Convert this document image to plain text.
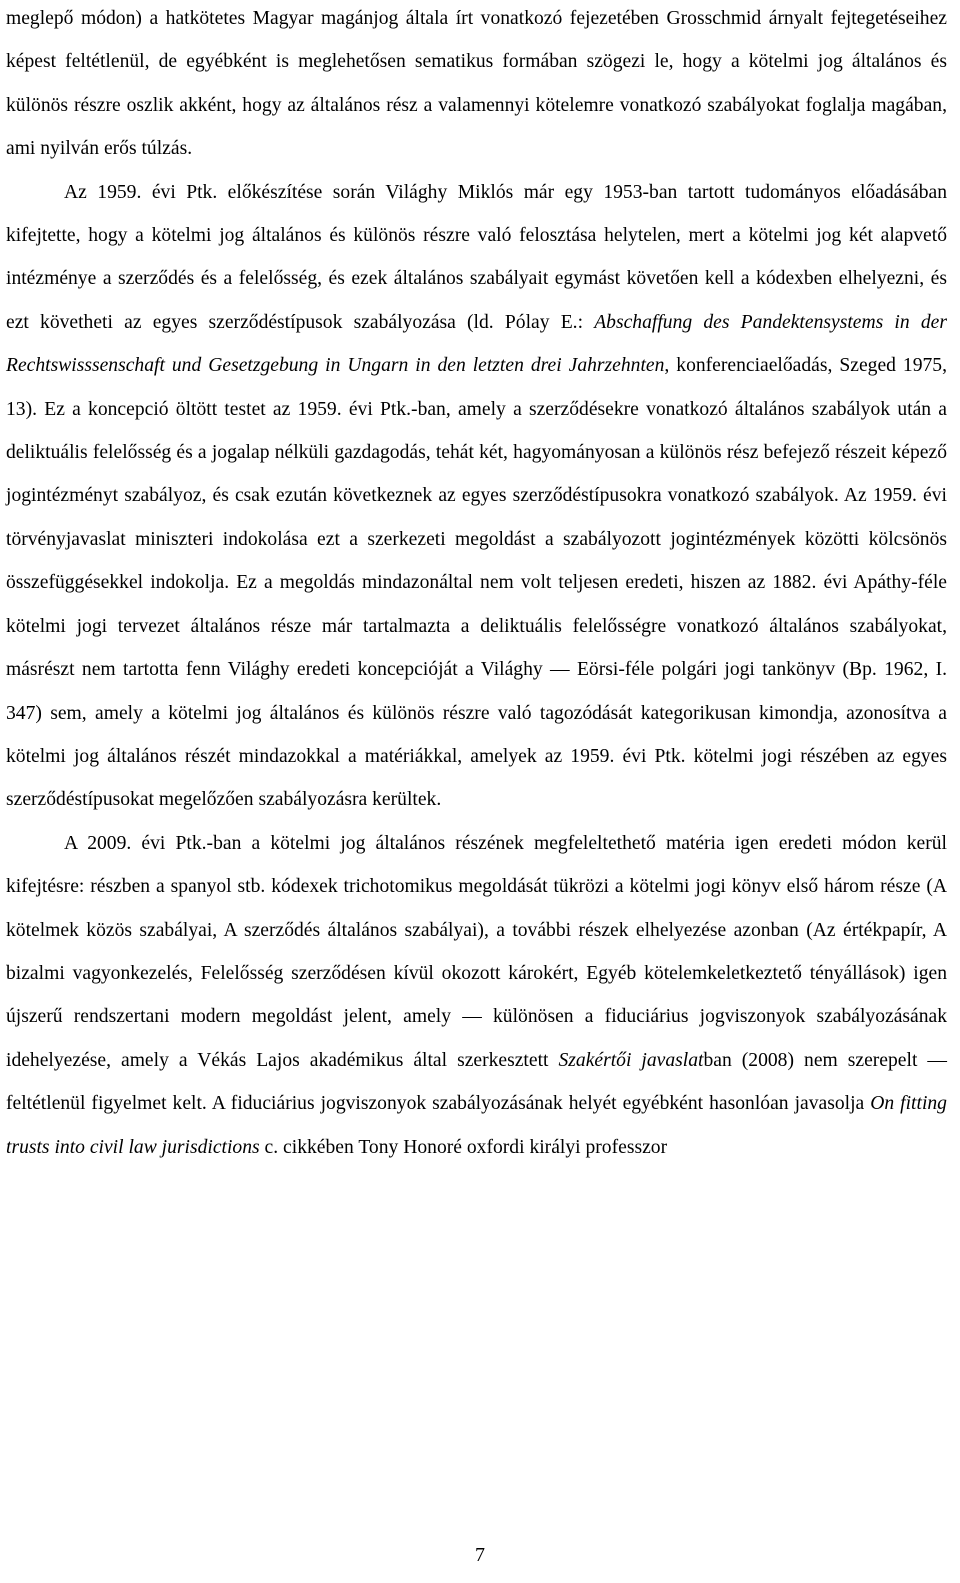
meglepő módon) a hatkötetes Magyar magánjog általa írt vonatkozó fejezetében Grosschmid árnyalt fejtegetéseihez képest feltétlenül, de egyébként is meglehetősen sematikus formában szögezi le, hogy a kötelmi jog általános és különös részre oszlik akként, hogy az általános rész a valamennyi kötelemre vonatkozó szabályokat foglalja magában, ami nyilván erős túlzás.

Az 1959. évi Ptk. előkészítése során Világhy Miklós már egy 1953-ban tartott tudományos előadásában kifejtette, hogy a kötelmi jog általános és különös részre való felosztása helytelen, mert a kötelmi jog két alapvető intézménye a szerződés és a felelősség, és ezek általános szabályait egymást követően kell a kódexben elhelyezni, és ezt követheti az egyes szerződéstípusok szabályozása (ld. Pólay E.: Abschaffung des Pandektensystems in der Rechtswisssenschaft und Gesetzgebung in Ungarn in den letzten drei Jahrzehnten, konferenciaelőadás, Szeged 1975, 13). Ez a koncepció öltött testet az 1959. évi Ptk.-ban, amely a szerződésekre vonatkozó általános szabályok után a deliktuális felelősség és a jogalap nélküli gazdagodás, tehát két, hagyományosan a különös rész befejező részeit képező jogintézményt szabályoz, és csak ezután következnek az egyes szerződéstípusokra vonatkozó szabályok. Az 1959. évi törvényjavaslat miniszteri indokolása ezt a szerkezeti megoldást a szabályozott jogintézmények közötti kölcsönös összefüggésekkel indokolja. Ez a megoldás mindazonáltal nem volt teljesen eredeti, hiszen az 1882. évi Apáthy-féle kötelmi jogi tervezet általános része már tartalmazta a deliktuális felelősségre vonatkozó általános szabályokat, másrészt nem tartotta fenn Világhy eredeti koncepcióját a Világhy — Eörsi-féle polgári jogi tankönyv (Bp. 1962, I. 347) sem, amely a kötelmi jog általános és különös részre való tagozódását kategorikusan kimondja, azonosítva a kötelmi jog általános részét mindazokkal a matériákkal, amelyek az 1959. évi Ptk. kötelmi jogi részében az egyes szerződéstípusokat megelőzően szabályozásra kerültek.

A 2009. évi Ptk.-ban a kötelmi jog általános részének megfeleltethető matéria igen eredeti módon kerül kifejtésre: részben a spanyol stb. kódexek trichotomikus megoldását tükrözi a kötelmi jogi könyv első három része (A kötelmek közös szabályai, A szerződés általános szabályai), a további részek elhelyezése azonban (Az értékpapír, A bizalmi vagyonkezelés, Felelősség szerződésen kívül okozott károkért, Egyéb kötelemkeletkeztető tényállások) igen újszerű rendszertani modern megoldást jelent, amely — különösen a fiduciárius jogviszonyok szabályozásának idehelyezése, amely a Vékás Lajos akadémikus által szerkesztett Szakértői javaslatban (2008) nem szerepelt — feltétlenül figyelmet kelt. A fiduciárius jogviszonyok szabályozásának helyét egyébként hasonlóan javasolja On fitting trusts into civil law jurisdictions c. cikkében Tony Honoré oxfordi királyi professzor

7
